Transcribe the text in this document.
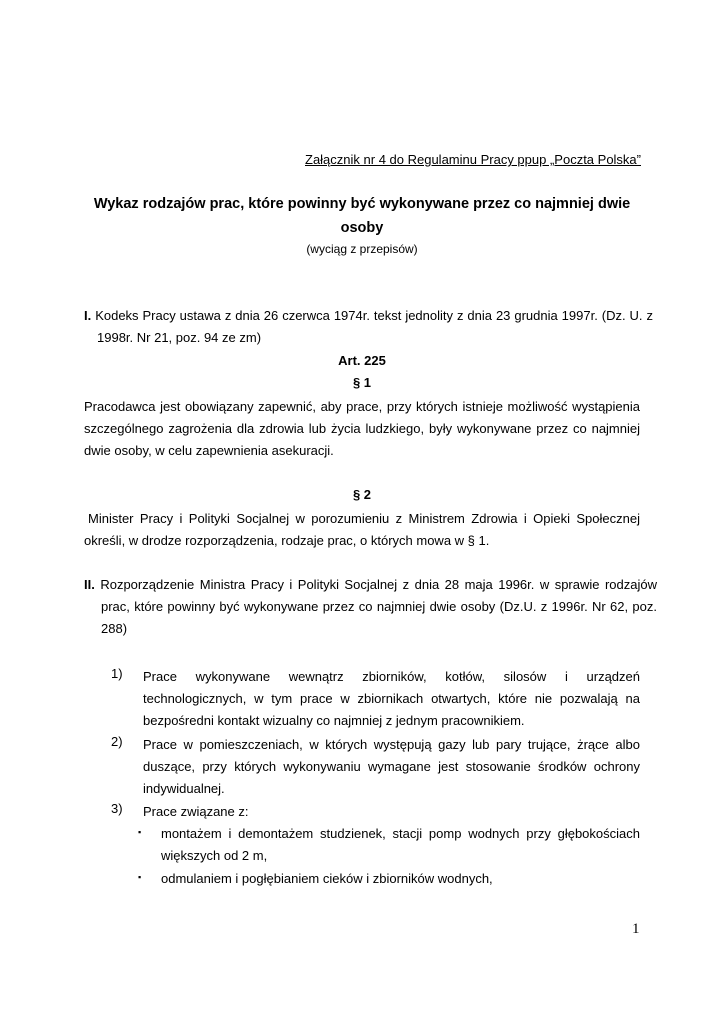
Załącznik nr 4 do Regulaminu Pracy ppup „Poczta Polska”
Wykaz rodzajów prac, które powinny być wykonywane przez co najmniej dwie osoby
(wyciąg z przepisów)
I. Kodeks Pracy ustawa z dnia 26 czerwca 1974r. tekst jednolity z dnia 23 grudnia 1997r. (Dz. U. z 1998r. Nr 21, poz. 94 ze zm)
Art. 225
§ 1
Pracodawca jest obowiązany zapewnić, aby prace, przy których istnieje możliwość wystąpienia szczególnego zagrożenia dla zdrowia lub życia ludzkiego, były wykonywane przez co najmniej dwie osoby, w celu zapewnienia asekuracji.
§ 2
Minister Pracy i Polityki Socjalnej w porozumieniu z Ministrem Zdrowia i Opieki Społecznej określi, w drodze rozporządzenia, rodzaje prac, o których mowa w § 1.
II. Rozporządzenie Ministra Pracy i Polityki Socjalnej z dnia 28 maja 1996r. w sprawie rodzajów prac, które powinny być wykonywane przez co najmniej dwie osoby (Dz.U. z 1996r. Nr 62, poz. 288)
1) Prace wykonywane wewnątrz zbiorników, kotłów, silosów i urządzeń technologicznych, w tym prace w zbiornikach otwartych, które nie pozwalają na bezpośredni kontakt wizualny co najmniej z jednym pracownikiem.
2) Prace w pomieszczeniach, w których występują gazy lub pary trujące, żrące albo duszące, przy których wykonywaniu wymagane jest stosowanie środków ochrony indywidualnej.
3) Prace związane z:
▪ montażem i demontażem studzienek, stacji pomp wodnych przy głębokościach większych od 2 m,
▪ odmulaniem i pogłębianiem cieków i zbiorników wodnych,
1
